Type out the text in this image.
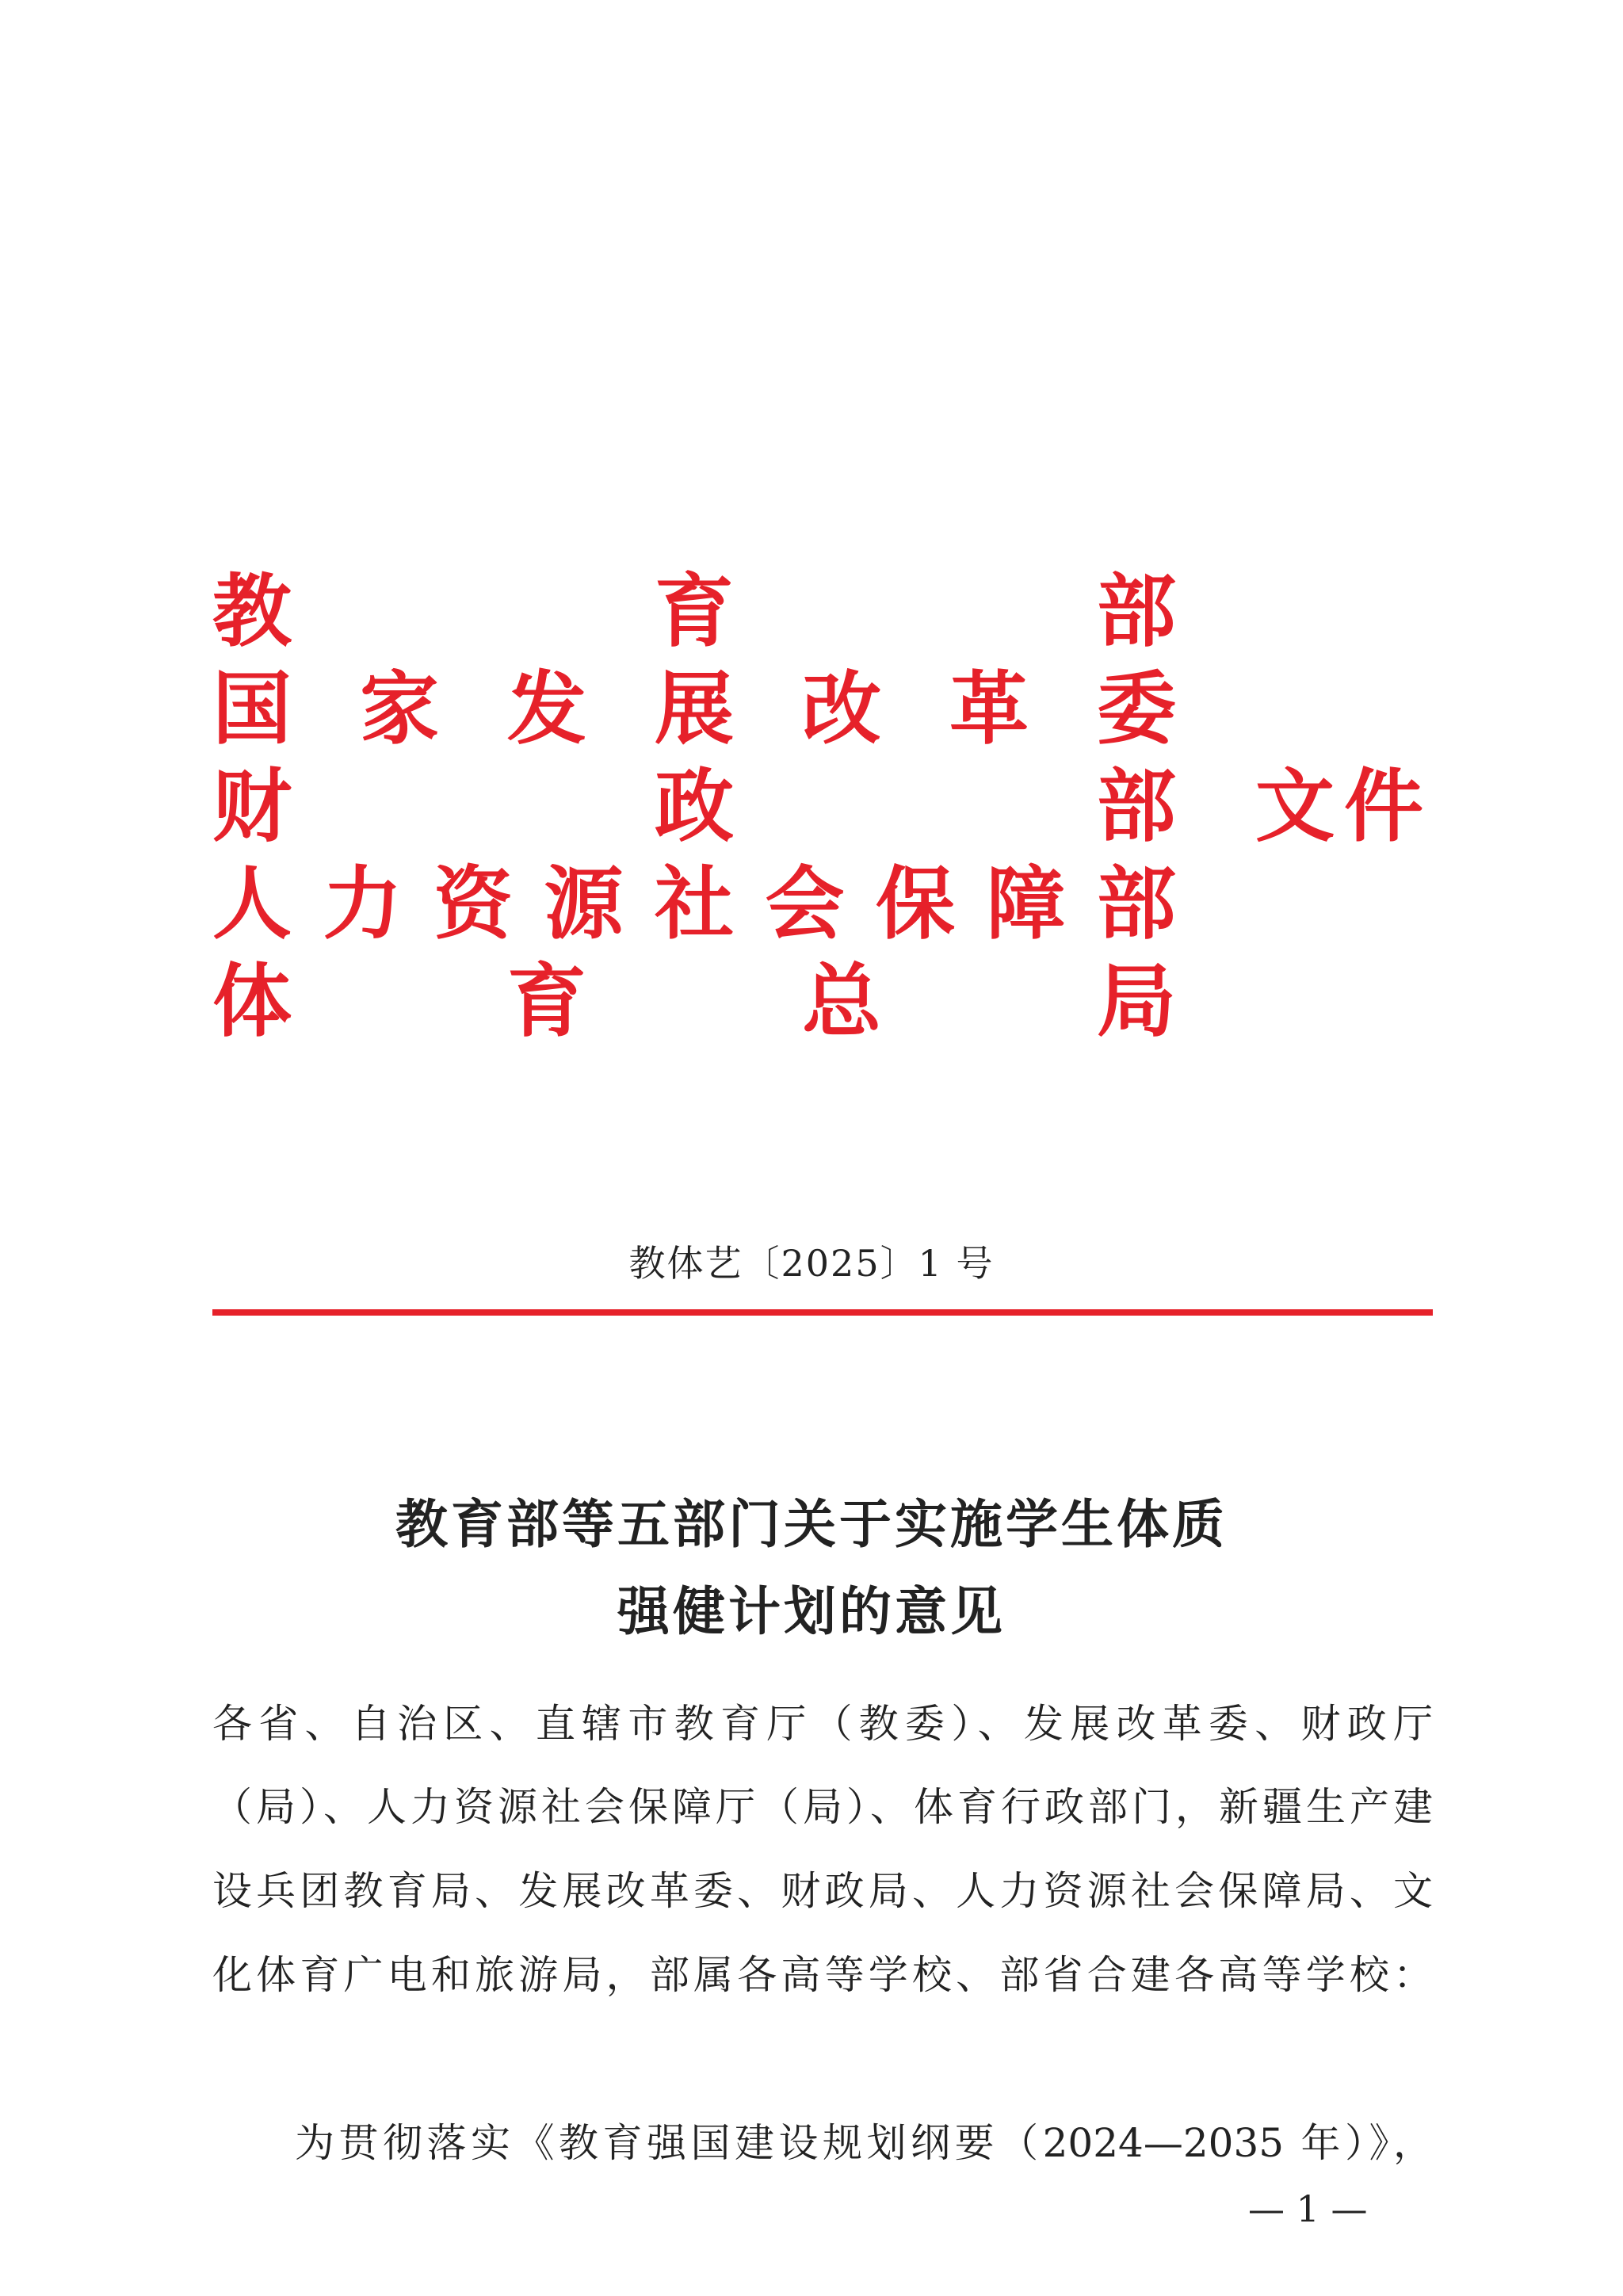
教	育	部
国 家 发 展 改 革 委
财	政	部
人 力 资 源 社 会 保 障 部
体	育	总	局
文件
教体艺〔2025〕1 号
教育部等五部门关于实施学生体质
强健计划的意见
各省、自治区、直辖市教育厅（教委）、发展改革委、财政厅
（局）、人力资源社会保障厅（局）、体育行政部门，新疆生产建
设兵团教育局、发展改革委、财政局、人力资源社会保障局、文
化体育广电和旅游局，部属各高等学校、部省合建各高等学校：
为贯彻落实《教育强国建设规划纲要（2024—2035 年）》，
— 1 —
